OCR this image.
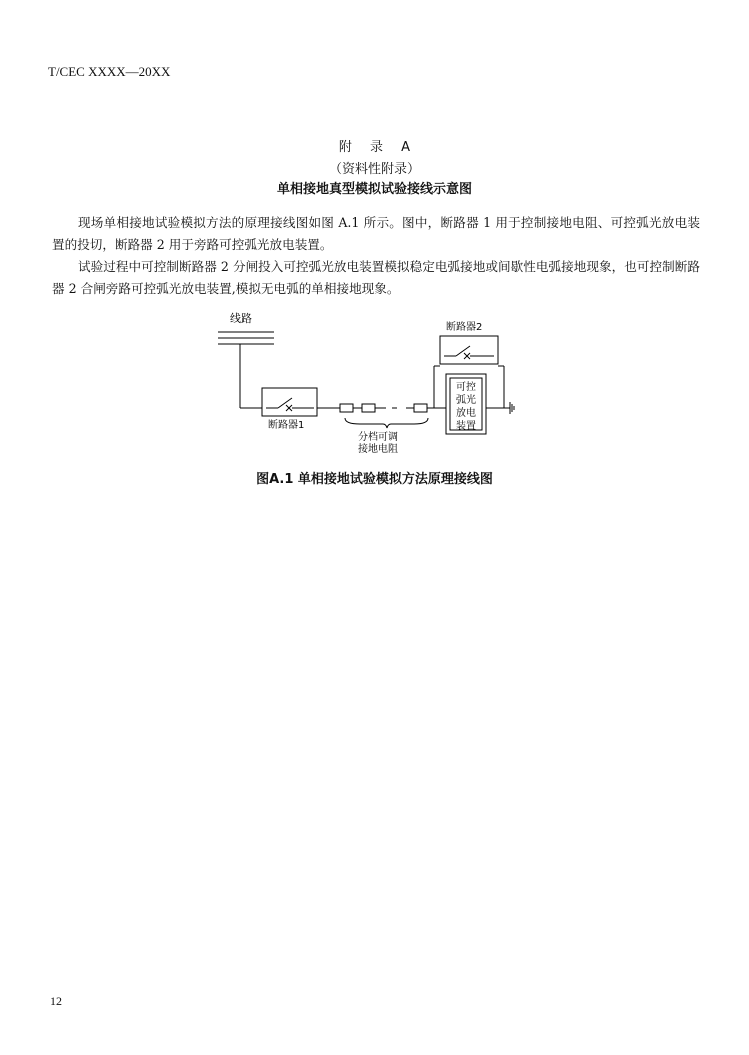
T/CEC XXXX—20XX
附 录 A
（资料性附录）
单相接地真型模拟试验接线示意图
现场单相接地试验模拟方法的原理接线图如图 A.1 所示。图中，断路器 1 用于控制接地电阻、可控弧光放电装置的投切，断路器 2 用于旁路可控弧光放电装置。
试验过程中可控制断路器 2 分闸投入可控弧光放电装置模拟稳定电弧接地或间歇性电弧接地现象，也可控制断路器 2 合闸旁路可控弧光放电装置,模拟无电弧的单相接地现象。
线路
断路器1
分档可调
接地电阻
断路器2
可控
弧光
放电
装置
图A.1 单相接地试验模拟方法原理接线图
12
